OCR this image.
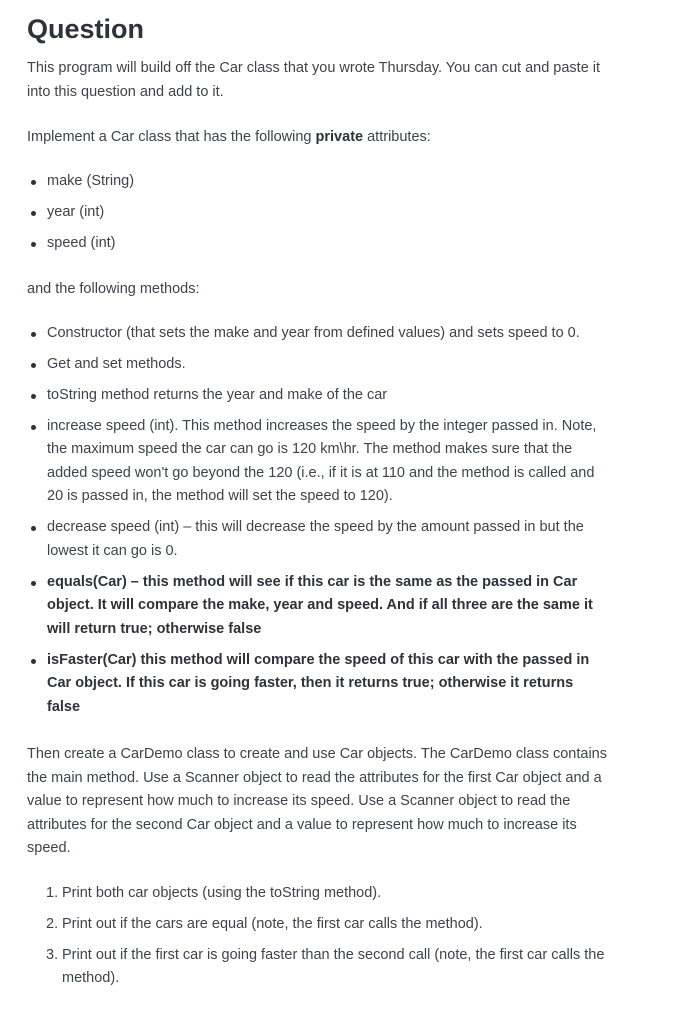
Question

This program will build off the Car class that you wrote Thursday. You can cut and paste it into this question and add to it.

Implement a Car class that has the following private attributes:

make (String)
year (int)
speed (int)

and the following methods:

Constructor (that sets the make and year from defined values) and sets speed to 0.
Get and set methods.
toString method returns the year and make of the car
increase speed (int). This method increases the speed by the integer passed in. Note, the maximum speed the car can go is 120 km\hr. The method makes sure that the added speed won't go beyond the 120 (i.e., if it is at 110 and the method is called and 20 is passed in, the method will set the speed to 120).
decrease speed (int) – this will decrease the speed by the amount passed in but the lowest it can go is 0.
equals(Car) – this method will see if this car is the same as the passed in Car object. It will compare the make, year and speed. And if all three are the same it will return true; otherwise false
isFaster(Car) this method will compare the speed of this car with the passed in Car object. If this car is going faster, then it returns true; otherwise it returns false

Then create a CarDemo class to create and use Car objects. The CarDemo class contains the main method. Use a Scanner object to read the attributes for the first Car object and a value to represent how much to increase its speed. Use a Scanner object to read the attributes for the second Car object and a value to represent how much to increase its speed.

1. Print both car objects (using the toString method).
2. Print out if the cars are equal (note, the first car calls the method).
3. Print out if the first car is going faster than the second call (note, the first car calls the method).
